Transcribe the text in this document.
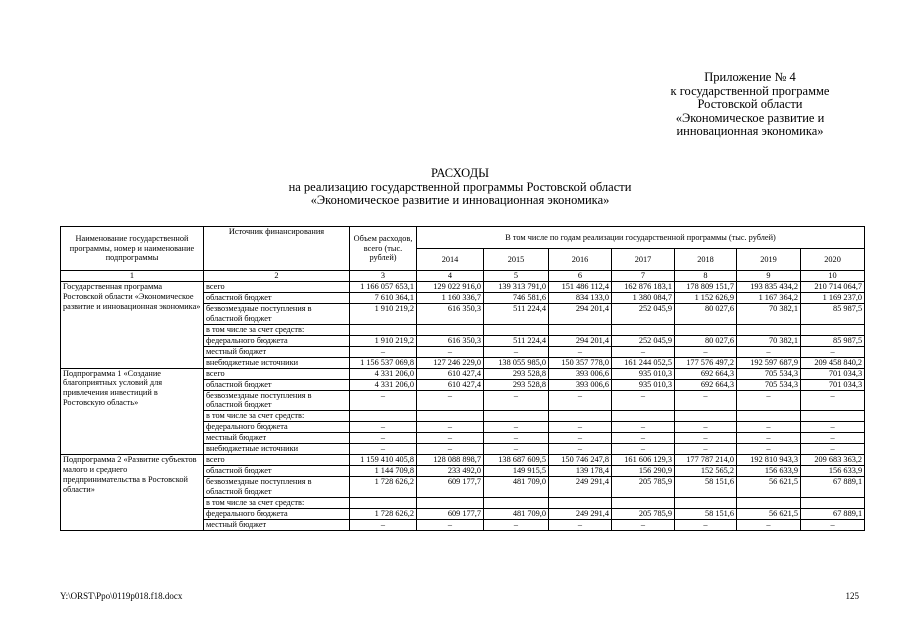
Приложение № 4
к государственной программе
Ростовской области
«Экономическое развитие и
инновационная экономика»
РАСХОДЫ
на реализацию государственной программы Ростовской области
«Экономическое развитие и инновационная экономика»
Наименование государственной программы, номер и наименование подпрограммы	Источник финансирования	Объем расходов, всего (тыс. рублей)	В том числе по годам реализации государственной программы (тыс. рублей)						
			2014	2015	2016	2017	2018	2019	2020
1	2	3	4	5	6	7	8	9	10
Государственная программа Ростовской области «Экономическое развитие и инновационная экономика»	всего	1 166 057 653,1	129 022 916,0	139 313 791,0	151 486 112,4	162 876 183,1	178 809 151,7	193 835 434,2	210 714 064,7
	областной бюджет	7 610 364,1	1 160 336,7	746 581,6	834 133,0	1 380 084,7	1 152 626,9	1 167 364,2	1 169 237,0
	безвозмездные поступления в областной бюджет	1 910 219,2	616 350,3	511 224,4	294 201,4	252 045,9	80 027,6	70 382,1	85 987,5
	в том числе за счет средств:								
	федерального бюджета	1 910 219,2	616 350,3	511 224,4	294 201,4	252 045,9	80 027,6	70 382,1	85 987,5
	местный бюджет	–	–	–	–	–	–	–	–
	внебюджетные источники	1 156 537 069,8	127 246 229,0	138 055 985,0	150 357 778,0	161 244 052,5	177 576 497,2	192 597 687,9	209 458 840,2
Подпрограмма 1 «Создание благоприятных условий для привлечения инвестиций в Ростовскую область»	всего	4 331 206,0	610 427,4	293 528,8	393 006,6	935 010,3	692 664,3	705 534,3	701 034,3
	областной бюджет	4 331 206,0	610 427,4	293 528,8	393 006,6	935 010,3	692 664,3	705 534,3	701 034,3
	безвозмездные поступления в областной бюджет	–	–	–	–	–	–	–	–
	в том числе за счет средств:								
	федерального бюджета	–	–	–	–	–	–	–	–
	местный бюджет	–	–	–	–	–	–	–	–
	внебюджетные источники	–	–	–	–	–	–	–	–
Подпрограмма 2 «Развитие субъектов малого и среднего предпринимательства в Ростовской области»	всего	1 159 410 405,8	128 088 898,7	138 687 609,5	150 746 247,8	161 606 129,3	177 787 214,0	192 810 943,3	209 683 363,2
	областной бюджет	1 144 709,8	233 492,0	149 915,5	139 178,4	156 290,9	152 565,2	156 633,9	156 633,9
	безвозмездные поступления в областной бюджет	1 728 626,2	609 177,7	481 709,0	249 291,4	205 785,9	58 151,6	56 621,5	67 889,1
	в том числе за счет средств:								
	федерального бюджета	1 728 626,2	609 177,7	481 709,0	249 291,4	205 785,9	58 151,6	56 621,5	67 889,1
	местный бюджет	–	–	–	–	–	–	–	–
Y:\ORST\Ppo\0119p018.f18.docx	125
